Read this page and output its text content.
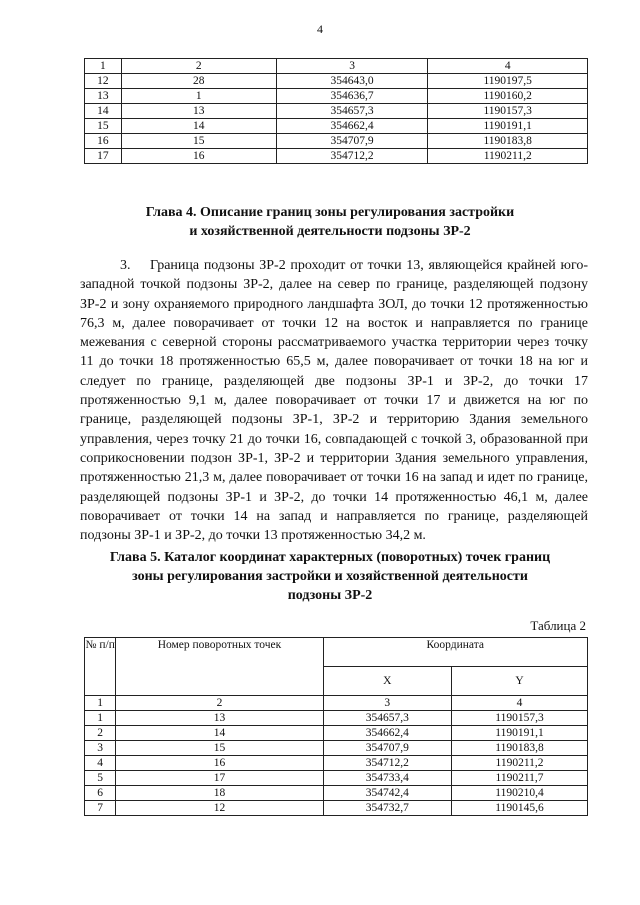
4
1	2	3	4
12	28	354643,0	1190197,5
13	1	354636,7	1190160,2
14	13	354657,3	1190157,3
15	14	354662,4	1190191,1
16	15	354707,9	1190183,8
17	16	354712,2	1190211,2
Глава 4. Описание границ зоны регулирования застройки
и хозяйственной деятельности подзоны ЗР-2
3. Граница подзоны ЗР-2 проходит от точки 13, являющейся крайней юго-западной точкой подзоны ЗР-2, далее на север по границе, разделяющей подзону ЗР-2 и зону охраняемого природного ландшафта ЗОЛ, до точки 12 протяженностью 76,3 м, далее поворачивает от точки 12 на восток и направляется по границе межевания с северной стороны рассматриваемого участка территории через точку 11 до точки 18 протяженностью 65,5 м, далее поворачивает от точки 18 на юг и следует по границе, разделяющей две подзоны ЗР-1 и ЗР-2, до точки 17 протяженностью 9,1 м, далее поворачивает от точки 17 и движется на юг по границе, разделяющей подзоны ЗР-1, ЗР-2 и территорию Здания земельного управления, через точку 21 до точки 16, совпадающей с точкой 3, образованной при соприкосновении подзон ЗР-1, ЗР-2 и территории Здания земельного управления, протяженностью 21,3 м, далее поворачивает от точки 16 на запад и идет по границе, разделяющей подзоны ЗР-1 и ЗР-2, до точки 14 протяженностью 46,1 м, далее поворачивает от точки 14 на запад и направляется по границе, разделяющей подзоны ЗР-1 и ЗР-2, до точки 13 протяженностью 34,2 м.
Глава 5. Каталог координат характерных (поворотных) точек границ
зоны регулирования застройки и хозяйственной деятельности
подзоны ЗР-2
Таблица 2
№ п/п	Номер поворотных точек	Координата	
		X	Y
1	2	3	4
1	13	354657,3	1190157,3
2	14	354662,4	1190191,1
3	15	354707,9	1190183,8
4	16	354712,2	1190211,2
5	17	354733,4	1190211,7
6	18	354742,4	1190210,4
7	12	354732,7	1190145,6
